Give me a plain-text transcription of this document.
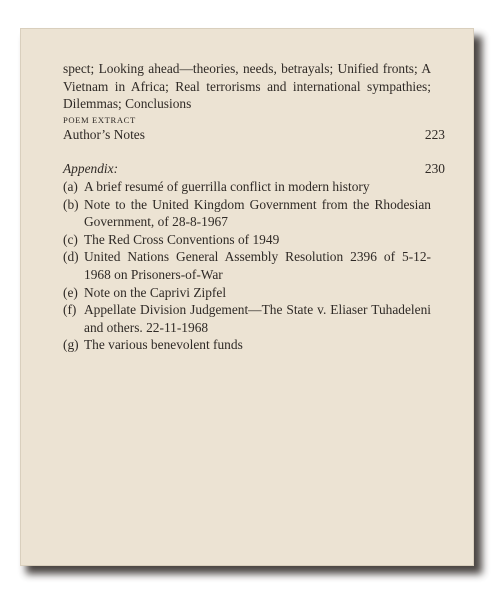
spect; Looking ahead—theories, needs, betrayals; Unified fronts; A Vietnam in Africa; Real terrorisms and international sympathies; Dilemmas; Conclusions
POEM EXTRACT
Author’s Notes	223
Appendix:	230
(a) A brief resumé of guerrilla conflict in modern history
(b) Note to the United Kingdom Government from the Rhodesian Government, of 28-8-1967
(c) The Red Cross Conventions of 1949
(d) United Nations General Assembly Resolution 2396 of 5-12-1968 on Prisoners-of-War
(e) Note on the Caprivi Zipfel
(f) Appellate Division Judgement—The State v. Eliaser Tuhadeleni and others. 22-11-1968
(g) The various benevolent funds
